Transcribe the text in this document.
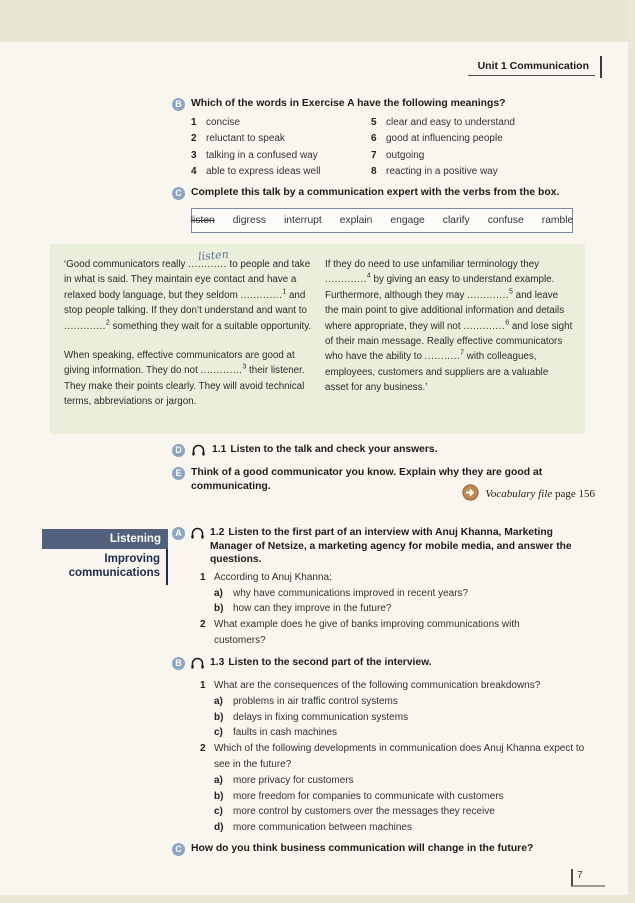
Unit 1 Communication
B Which of the words in Exercise A have the following meanings?
1 concise
2 reluctant to speak
3 talking in a confused way
4 able to express ideas well
5 clear and easy to understand
6 good at influencing people
7 outgoing
8 reacting in a positive way
C Complete this talk by a communication expert with the verbs from the box.
listen digress interrupt explain engage clarify confuse ramble

‘Good communicators really ............
listen
to people and take in what is said. They maintain eye contact and have a relaxed body language, but they seldom .............$^1$ and stop people talking. If they don’t understand and want to .............$^2$ something they wait for a suitable opportunity.

When speaking, effective communicators are good at giving information. They do not .............$^3$ their listener. They make their points clearly. They will avoid technical terms, abbreviations or jargon.

If they do need to use unfamiliar terminology they .............$^4$ by giving an easy to understand example. Furthermore, although they may .............$^5$ and leave the main point to give additional information and details where appropriate, they will not .............$^6$ and lose sight of their main message. Really effective communicators who have the ability to ...........$^7$ with colleagues, employees, customers and suppliers are a valuable asset for any business.’

D	1.1 Listen to the talk and check your answers.
E Think of a good communicator you know. Explain why they are good at communicating.
Vocabulary file page 156
Listening
Improving
communications
A	1.2 Listen to the first part of an interview with Anuj Khanna, Marketing Manager of Netsize, a marketing agency for mobile media, and answer the questions.
1 According to Anuj Khanna:
a)	why have communications improved in recent years?
b) how can they improve in the future?
2 What example does he give of banks improving communications with customers?
B	1.3 Listen to the second part of the interview.
1 What are the consequences of the following communication breakdowns?
a)	problems in air traffic control systems
b) delays in fixing communication systems
c)	faults in cash machines
2 Which of the following developments in communication does Anuj Khanna expect to see in the future?
a)	more privacy for customers
b) more freedom for companies to communicate with customers
c)	more control by customers over the messages they receive
d) more communication between machines
C How do you think business communication will change in the future?
7
